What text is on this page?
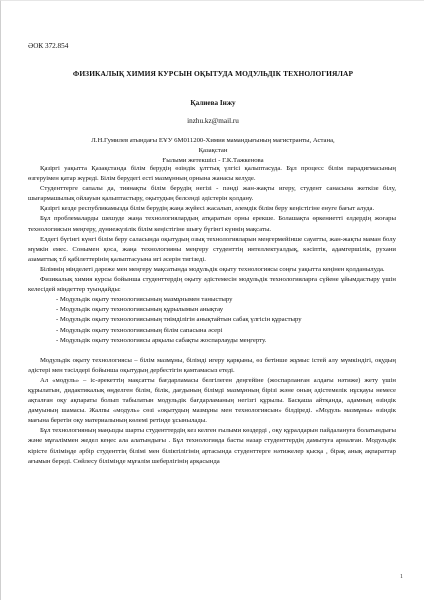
ӘОК 372.854
ФИЗИКАЛЫҚ ХИМИЯ КУРСЫН ОҚЫТУДА МОДУЛЬДІК ТЕХНОЛОГИЯЛАР
Қалиева Інжу
inzhu.kz@mail.ru
Л.Н.Гумилев атындағы ЕҰУ 6М011200-Химия мамандығының магистранты, Астана,
Қазақстан
Ғылыми жетекшісі - Г.К.Тажкенова

Қазіргі уақытта Қазақстанда білім берудің өзіндік ұлттық үлгісі қалыптасуда. Бұл процесс білім парадигмасының өзгеруімен қатар жүреді. Білім берудегі есті мазмұнның орнына жанасы келуде.

Студенттерге сапалы да, тиянақты білім берудің негізі - пәндi жан-жақты игеру, студент санасына жеткізе білу, шығармашылық ойлауын қалыптастыру, оқытудың белсенді әдістерін қолдану.

Қазіргі кезде республикамызда білім берудің жаңа жүйесі жасалып, әлемдік білім беру кеңістігіне енуге бағыт алуда.

Бұл проблемаларды шешуде жаңа технологиялардың атқаратын орны ерекше. Болашақта өркениетті елдердің жоғары технологиясын меңгеру, дүниежүзілік білім кеңістігіне шығу бүгінгі күннің мақсаты.

Елдегі бүгінгі күнгі білім беру саласында оқытудың озық технологияларын меңгермейінше сауатты, жан-жақты маман болу мүмкін емес. Сонымен қоса, жаңа технологияны меңгеру студенттің интеллектуалдық, кәсіптік, адамгершілік, рухани азаматтық т.б қабілеттерінің қалыптасуына игі әсерін тигізеді.

Білімнің мінделеті дәреже мен меңгеру мақсатында модульдік оқыту технологиясы соңғы уақытта кеңінен қолданылуда.

Физикалық химия курсы бойынша студенттердің оқыту әдістемесін модульдік технологияларға сүйене ұйымдастыру үшін келесідей міндеттер туындайды:

- Модульдік оқыту технологиясының мазмұнымен таныстыру

- Модульдік оқыту технологиясының құрылымын анықтау

- Модульдік оқыту технологиясының тиімділігін анықтайтын сабақ үлгісін құрастыру

- Модульдік оқыту технологиясының білім сапасына әсері

- Модульдік оқыту технологиясы арқылы сабақты жоспарлауды меңгерту.

Модульдік оқыту технологиясы – білім мазмұны, білімді игеру қарқыны, өз бетінше жұмыс істей алу мүмкіндігі, оқудың әдістері мен тәсілдері бойынша оқытудың дербестігін қамтамасыз етеді.

Ал «модуль» – іс-әрекеттің мақсатты бағдарламасы белгілеген деңгейіне (жоспарланған алдағы нәтиже) жету үшін құрылатын, дидактикалық өңделген білім, білік, дағдының білімді мазмұнның бірізі және оның әдістемелік нұсқауы немесе ақталған оқу ақпараты болып табылатын модульдік бағдарламаның негізгі құрылы. Басқаша айтқанда, адамның өзіндік дамуының шамасы. Жалпы «модуль» сөзі «оқытудың мазмұны мен технологиясын» білдіреді. «Модуль мазмұны» өзіндік мағына беретін оқу материалының көлемі ретінде ұсынылады.

Бұл технологияның маңызды шарты студенттердің кез келген ғылыми көздерді , оқу құралдарын пайдалануға болатындығы және мұғаліммен жедел кеңес ала алатындығы . Бұл технологияда басты назар студенттердің дамытуға арналған. Модульдік кірісте біліміңде әрбір студенттің білімі мен біліктілігінің артасында студенттерге нәтижелер қысқа , бірақ анық ақпараттар ағымын береді. Сөйлесу біліміңде мұғалім шеберлігінің арқасында

1
